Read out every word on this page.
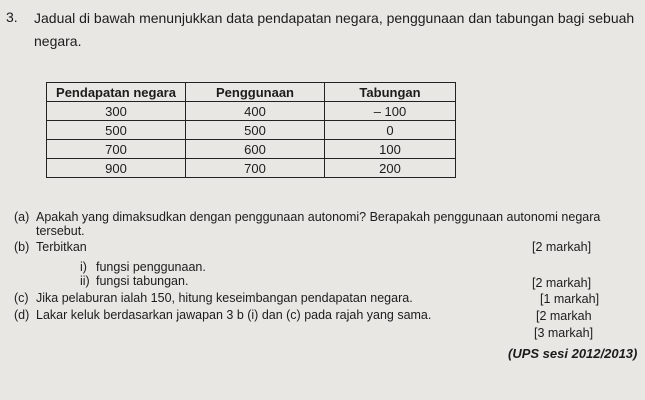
3. Jadual di bawah menunjukkan data pendapatan negara, penggunaan dan tabungan bagi sebuah
negara.
Pendapatan negara	Penggunaan	Tabungan
300	400	– 100
500	500	0
700	600	100
900	700	200
(a) Apakah yang dimaksudkan dengan penggunaan autonomi? Berapakah penggunaan autonomi negara
tersebut.
(b) Terbitkan	[2 markah]
i) fungsi penggunaan.
ii) fungsi tabungan.	[2 markah]
(c) Jika pelaburan ialah 150, hitung keseimbangan pendapatan negara.	[1 markah]
(d) Lakar keluk berdasarkan jawapan 3 b (i) dan (c) pada rajah yang sama.	[2 markah
[3 markah]
(UPS sesi 2012/2013)
